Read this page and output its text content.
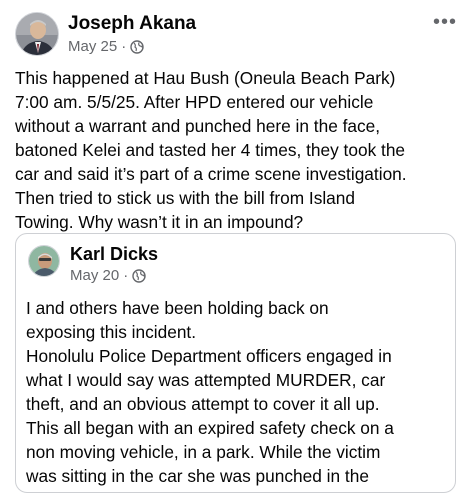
Joseph Akana
May 25 ·
•••

This happened at Hau Bush (Oneula Beach Park)
7:00 am. 5/5/25. After HPD entered our vehicle
without a warrant and punched here in the face,
batoned Kelei and tasted her 4 times, they took the
car and said it’s part of a crime scene investigation.
Then tried to stick us with the bill from Island
Towing. Why wasn’t it in an impound?

Karl Dicks
May 20 ·

I and others have been holding back on
exposing this incident.
Honolulu Police Department officers engaged in
what I would say was attempted MURDER, car
theft, and an obvious attempt to cover it all up.
This all began with an expired safety check on a
non moving vehicle, in a park. While the victim
was sitting in the car she was punched in the
